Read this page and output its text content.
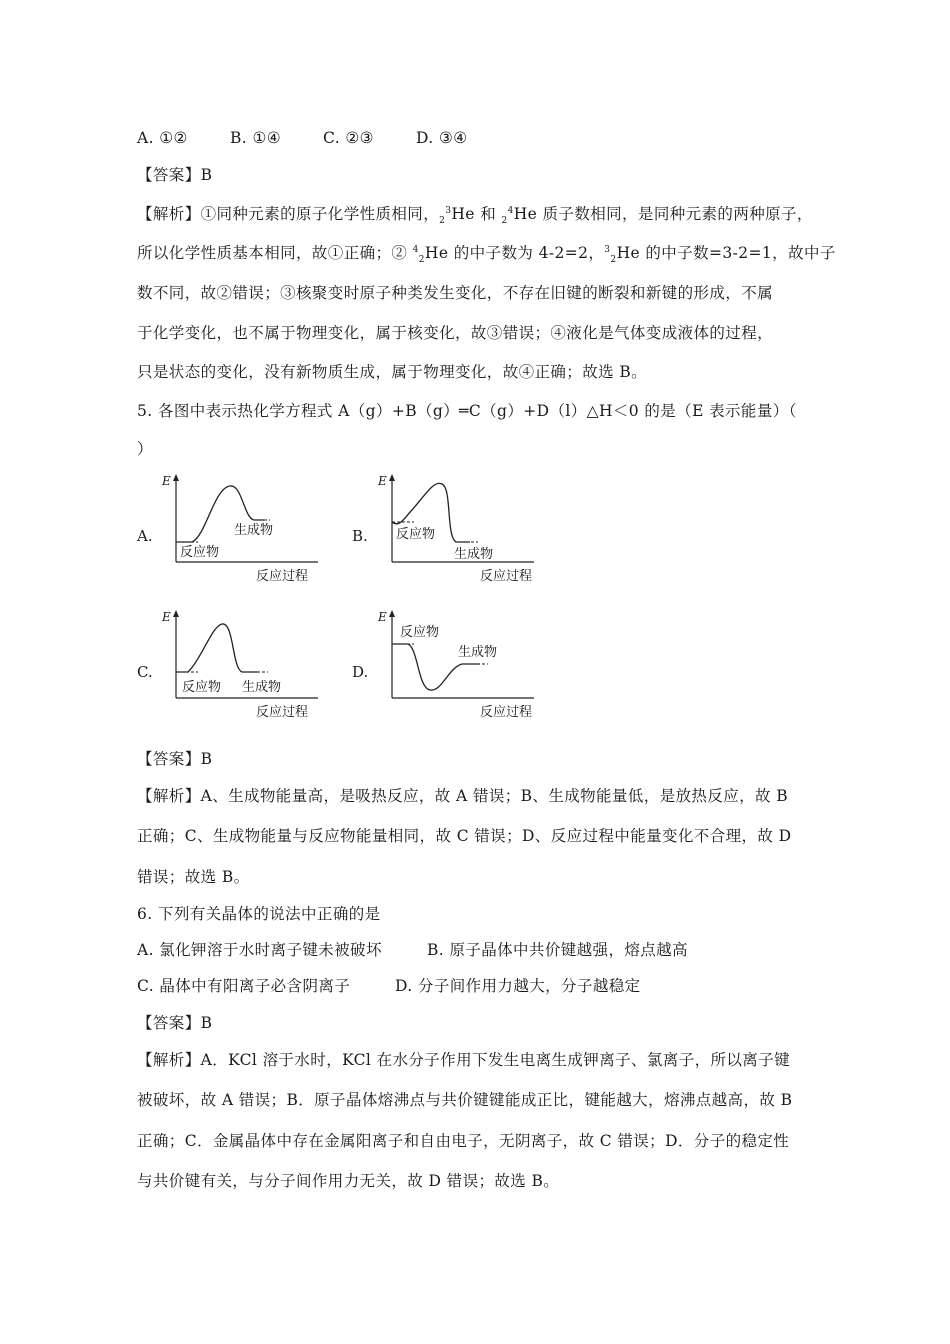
A. ①②	B. ①④	C. ②③	D. ③④
【答案】B
【解析】①同种元素的原子化学性质相同，$_2^3$He 和 $_2^4$He 质子数相同，是同种元素的两种原子，
所以化学性质基本相同，故①正确；② $^4_2$He 的中子数为 4-2=2，$^3_2$He 的中子数=3-2=1，故中子
数不同，故②错误；③核聚变时原子种类发生变化，不存在旧键的断裂和新键的形成，不属
于化学变化，也不属于物理变化，属于核变化，故③错误；④液化是气体变成液体的过程，
只是状态的变化，没有新物质生成，属于物理变化，故④正确；故选 B。
5. 各图中表示热化学方程式 A（g）+B（g）═C（g）+D（l）△H＜0 的是（E 表示能量）（
）
A.	B.
C.	D.
E
生成物
反应物
反应过程
E
反应物
生成物
反应过程
E
反应物 生成物
反应过程
E
反应物
生成物
反应过程
【答案】B
【解析】A、生成物能量高，是吸热反应，故 A 错误；B、生成物能量低，是放热反应，故 B
正确；C、生成物能量与反应物能量相同，故 C 错误；D、反应过程中能量变化不合理，故 D
错误；故选 B。
6. 下列有关晶体的说法中正确的是
A. 氯化钾溶于水时离子键未被破坏	B. 原子晶体中共价键越强，熔点越高
C. 晶体中有阳离子必含阴离子	D. 分子间作用力越大，分子越稳定
【答案】B
【解析】A．KCl 溶于水时，KCl 在水分子作用下发生电离生成钾离子、氯离子，所以离子键
被破坏，故 A 错误；B．原子晶体熔沸点与共价键键能成正比，键能越大，熔沸点越高，故 B
正确；C．金属晶体中存在金属阳离子和自由电子，无阴离子，故 C 错误；D．分子的稳定性
与共价键有关，与分子间作用力无关，故 D 错误；故选 B。
